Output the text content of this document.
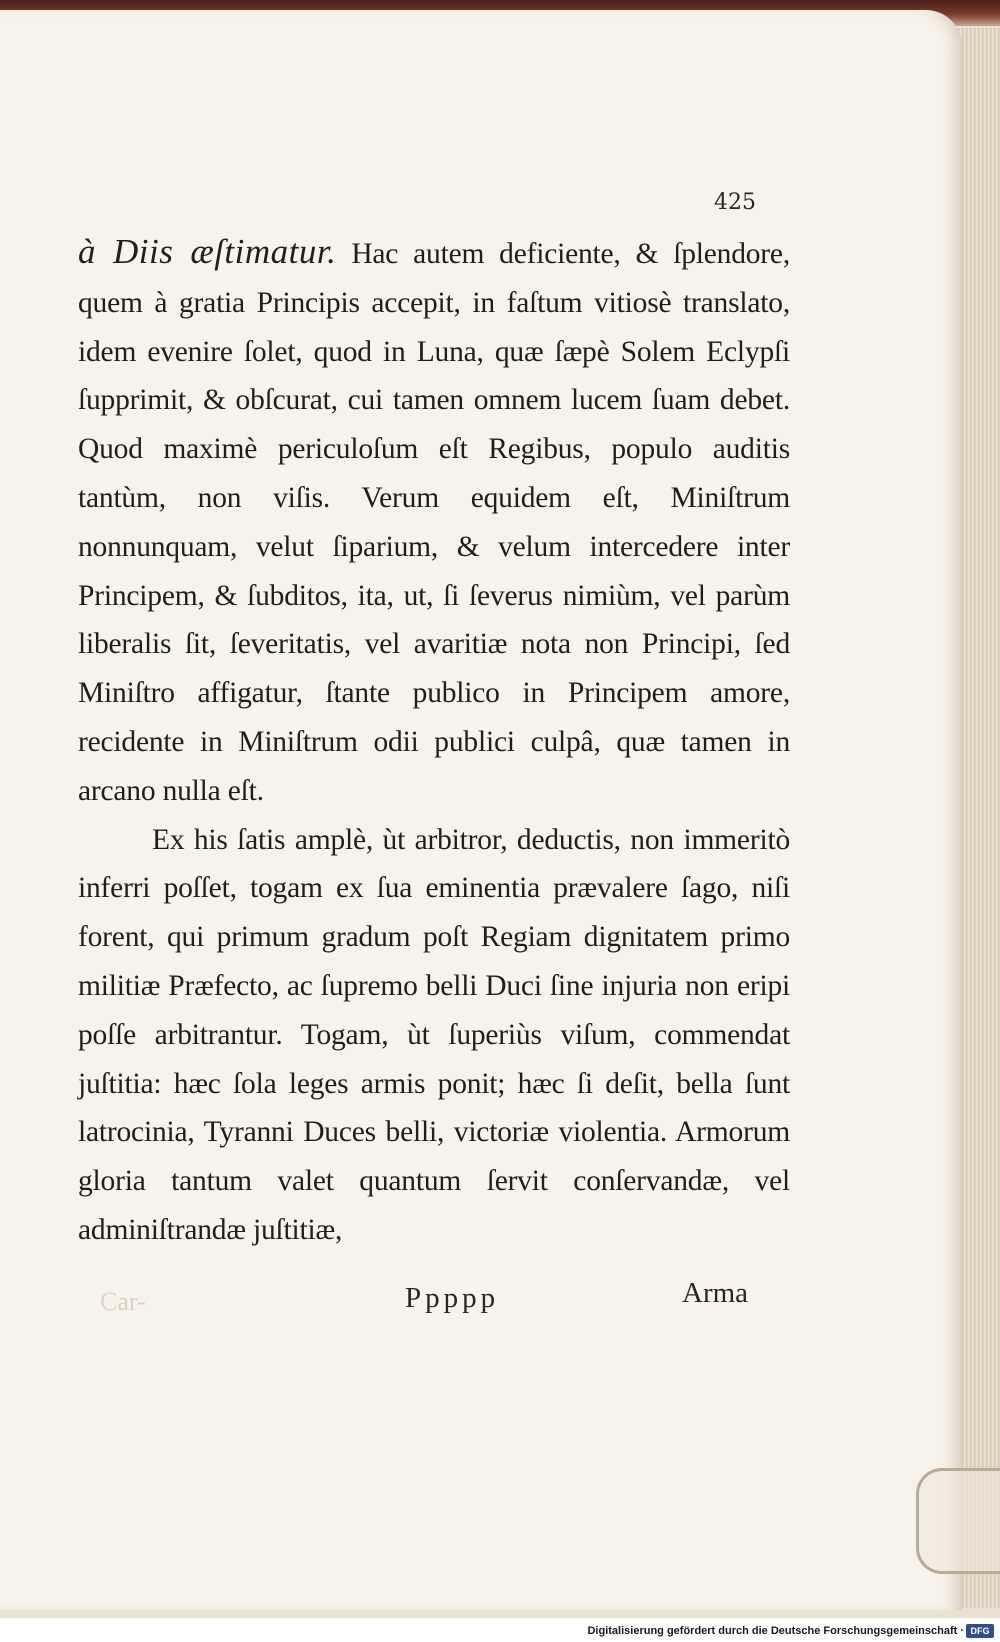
425

à Diis æſtimatur. Hac autem deficiente, & ſplendore, quem à gratia Principis accepit, in faſtum vitiosè translato, idem evenire ſolet, quod in Luna, quæ ſæpè Solem Eclypſi ſupprimit, & obſcurat, cui tamen omnem lucem ſuam debet. Quod maximè periculoſum eſt Regibus, populo auditis tantùm, non viſis. Verum equidem eſt, Miniſtrum nonnunquam, velut ſiparium, & velum intercedere inter Principem, & ſubditos, ita, ut, ſi ſeverus nimiùm, vel parùm liberalis ſit, ſeveritatis, vel avaritiæ nota non Principi, ſed Miniſtro affigatur, ſtante publico in Principem amore, recidente in Miniſtrum odii publici culpâ, quæ tamen in arcano nulla eſt.

Ex his ſatis amplè, ùt arbitror, deductis, non immeritò inferri poſſet, togam ex ſua eminentia prævalere ſago, niſi forent, qui primum gradum poſt Regiam dignitatem primo militiæ Præfecto, ac ſupremo belli Duci ſine injuria non eripi poſſe arbitrantur. Togam, ùt ſuperiùs viſum, commendat juſtitia: hæc ſola leges armis ponit; hæc ſi deſit, bella ſunt latrocinia, Tyranni Duces belli, victoriæ violentia. Armorum gloria tantum valet quantum ſervit conſervandæ, vel adminiſtrandæ juſtitiæ,

Car-	Ppppp	Arma
Digitalisierung gefördert durch die Deutsche Forschungsgemeinschaft · DFG
